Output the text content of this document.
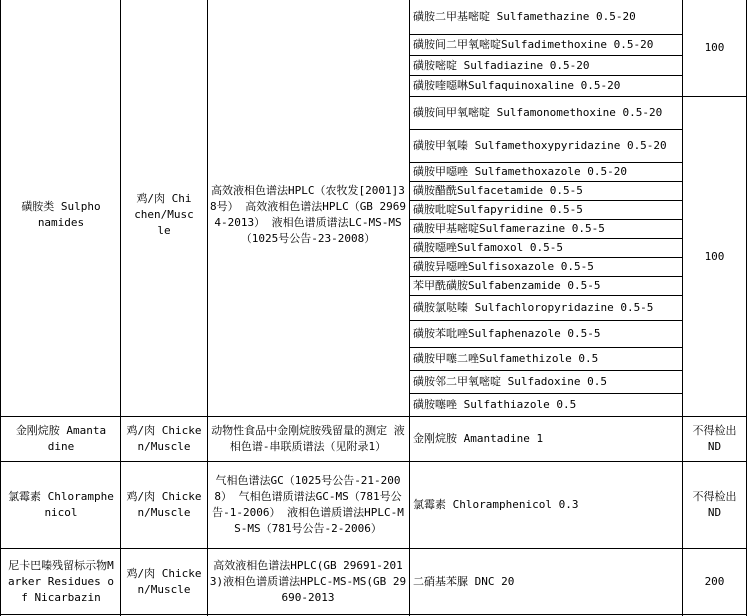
磺胺类 Sulphonamides
鸡/肉 Chichen/Muscle
高效液相色谱法HPLC（农牧发[2001]38号） 高效液相色谱法HPLC（GB 29694-2013） 液相色谱质谱法LC-MS-MS（1025号公告-23-2008）
磺胺二甲基嘧啶 Sulfamethazine 0.5-20
磺胺间二甲氧嘧啶Sulfadimethoxine 0.5-20
磺胺嘧啶 Sulfadiazine 0.5-20
磺胺喹噁啉Sulfaquinoxaline 0.5-20
磺胺间甲氧嘧啶 Sulfamonomethoxine 0.5-20
磺胺甲氧嗪 Sulfamethoxypyridazine 0.5-20
磺胺甲噁唑 Sulfamethoxazole 0.5-20
磺胺醋酰Sulfacetamide 0.5-5
磺胺吡啶Sulfapyridine 0.5-5
磺胺甲基嘧啶Sulfamerazine 0.5-5
磺胺噁唑Sulfamoxol 0.5-5
磺胺异噁唑Sulfisoxazole 0.5-5
苯甲酰磺胺Sulfabenzamide 0.5-5
磺胺氯哒嗪 Sulfachloropyridazine 0.5-5
磺胺苯吡唑Sulfaphenazole 0.5-5
磺胺甲噻二唑Sulfamethizole 0.5
磺胺邻二甲氧嘧啶 Sulfadoxine 0.5
磺胺噻唑 Sulfathiazole 0.5
100
100
金刚烷胺 Amantadine
鸡/肉 Chicken/Muscle
动物性食品中金刚烷胺残留量的测定 液相色谱-串联质谱法（见附录1）
金刚烷胺 Amantadine 1
不得检出 ND
氯霉素 Chloramphenicol
鸡/肉 Chicken/Muscle
气相色谱法GC（1025号公告-21-2008） 气相色谱质谱法GC-MS（781号公告-1-2006） 液相色谱质谱法HPLC-MS-MS（781号公告-2-2006）
氯霉素 Chloramphenicol 0.3
不得检出 ND
尼卡巴嗪残留标示物Marker Residues of Nicarbazin
鸡/肉 Chicken/Muscle
高效液相色谱法HPLC(GB 29691-2013)液相色谱质谱法HPLC-MS-MS(GB 29690-2013
二硝基苯脲 DNC 20	200
